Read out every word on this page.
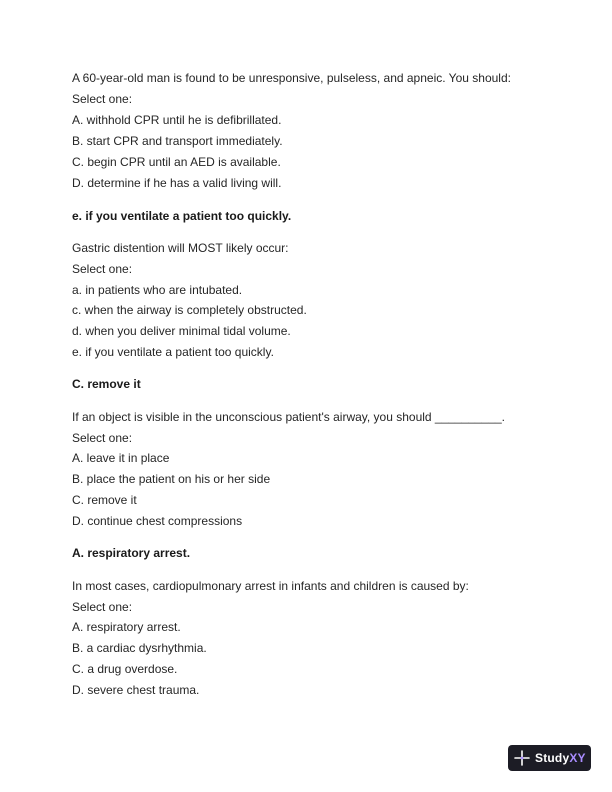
A 60-year-old man is found to be unresponsive, pulseless, and apneic. You should:
Select one:
A. withhold CPR until he is defibrillated.
B. start CPR and transport immediately.
C. begin CPR until an AED is available.
D. determine if he has a valid living will.
e. if you ventilate a patient too quickly.
Gastric distention will MOST likely occur:
Select one:
a. in patients who are intubated.
c. when the airway is completely obstructed.
d. when you deliver minimal tidal volume.
e. if you ventilate a patient too quickly.
C. remove it
If an object is visible in the unconscious patient's airway, you should __________.
Select one:
A. leave it in place
B. place the patient on his or her side
C. remove it
D. continue chest compressions
A. respiratory arrest.
In most cases, cardiopulmonary arrest in infants and children is caused by:
Select one:
A. respiratory arrest.
B. a cardiac dysrhythmia.
C. a drug overdose.
D. severe chest trauma.
StudyXY
